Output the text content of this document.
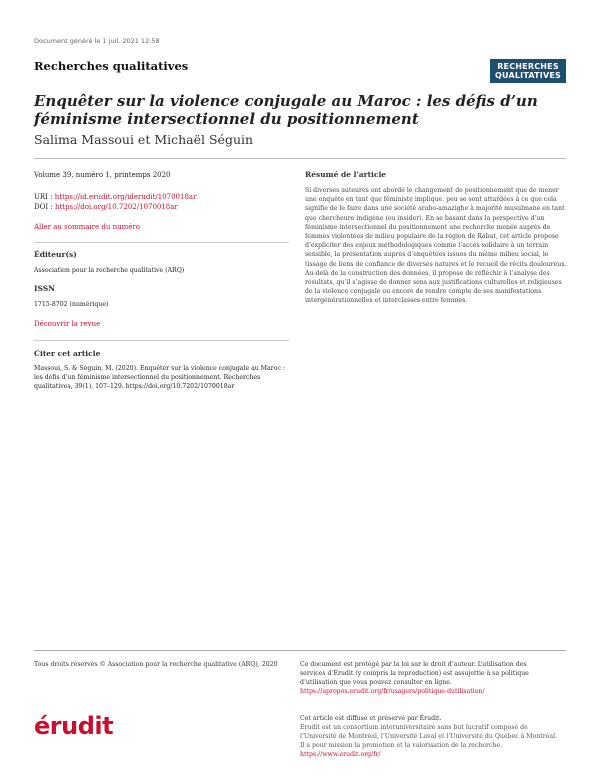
Document généré le 1 juil. 2021 12:58
Recherches qualitatives	RECHERCHES
QUALITATIVES
Enquêter sur la violence conjugale au Maroc : les défis d’un féminisme intersectionnel du positionnement
Salima Massoui et Michaël Séguin
Volume 39, numéro 1, printemps 2020
URI : https://id.erudit.org/iderudit/1070018ar
DOI : https://doi.org/10.7202/1070018ar
Aller au sommaire du numéro
Éditeur(s)
Association pour la recherche qualitative (ARQ)
ISSN
1715-8702 (numérique)
Découvrir la revue
Citer cet article
Massoui, S. & Séguin, M. (2020). Enquêter sur la violence conjugale au Maroc : les défis d’un féminisme intersectionnel du positionnement. Recherches qualitatives, 39(1), 107–129. https://doi.org/10.7202/1070018ar
Résumé de l'article
Si diverses auteures ont abordé le changement de positionnement que de mener une enquête en tant que féministe implique, peu se sont attardées à ce que cela signifie de le faire dans une société arabo-amazighe à majorité musulmane en tant que chercheure indigène (ou insider). En se basant dans la perspective d’un féminisme intersectionnel du positionnement une recherche menée auprès de femmes violentées de milieu populaire de la région de Rabat, cet article propose d’expliciter des enjeux méthodologiques comme l’accès solidaire à un terrain sensible, la présentation auprès d’enquêtées issues du même milieu social, le tissage de liens de confiance de diverses natures et le recueil de récits douloureux. Au-delà de la construction des données, il propose de réfléchir à l’analyse des résultats, qu’il s’agisse de donner sens aux justifications culturelles et religieuses de la violence conjugale ou encore de rendre compte de ses manifestations intergénérationnelles et interclasses entre femmes.
Tous droits réservés © Association pour la recherche qualitative (ARQ), 2020	Ce document est protégé par la loi sur le droit d’auteur. L’utilisation des services d’Érudit (y compris la reproduction) est assujettie à sa politique d’utilisation que vous pouvez consulter en ligne.
https://apropos.erudit.org/fr/usagers/politique-dutilisation/
érudit	Cet article est diffusé et préservé par Érudit.
Érudit est un consortium interuniversitaire sans but lucratif composé de l’Université de Montréal, l’Université Laval et l’Université du Québec à Montréal. Il a pour mission la promotion et la valorisation de la recherche.
https://www.erudit.org/fr/
